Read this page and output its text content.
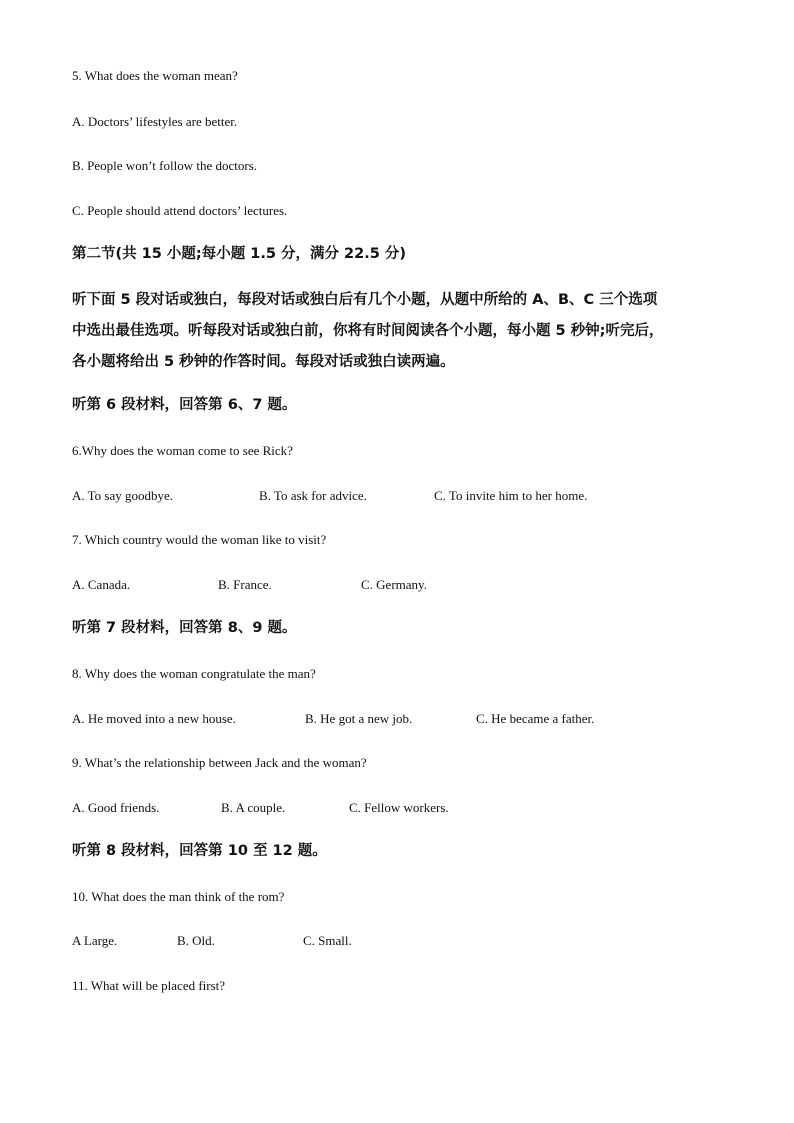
5. What does the woman mean?
A. Doctors’ lifestyles are better.
B. People won’t follow the doctors.
C. People should attend doctors’ lectures.
第二节(共 15 小题;每小题 1.5 分，满分 22.5 分)
听下面 5 段对话或独白，每段对话或独白后有几个小题，从题中所给的 A、B、C 三个选项
中选出最佳选项。听每段对话或独白前，你将有时间阅读各个小题，每小题 5 秒钟;听完后，
各小题将给出 5 秒钟的作答时间。每段对话或独白读两遍。
听第 6 段材料，回答第 6、7 题。
6.Why does the woman come to see Rick?
A. To say goodbye.	B. To ask for advice.	C. To invite him to her home.
7. Which country would the woman like to visit?
A. Canada.	B. France.	C. Germany.
听第 7 段材料，回答第 8、9 题。
8. Why does the woman congratulate the man?
A. He moved into a new house.	B. He got a new job.	C. He became a father.
9. What’s the relationship between Jack and the woman?
A. Good friends.	B. A couple.	C. Fellow workers.
听第 8 段材料，回答第 10 至 12 题。
10. What does the man think of the rom?
A Large.	B. Old.	C. Small.
11. What will be placed first?
